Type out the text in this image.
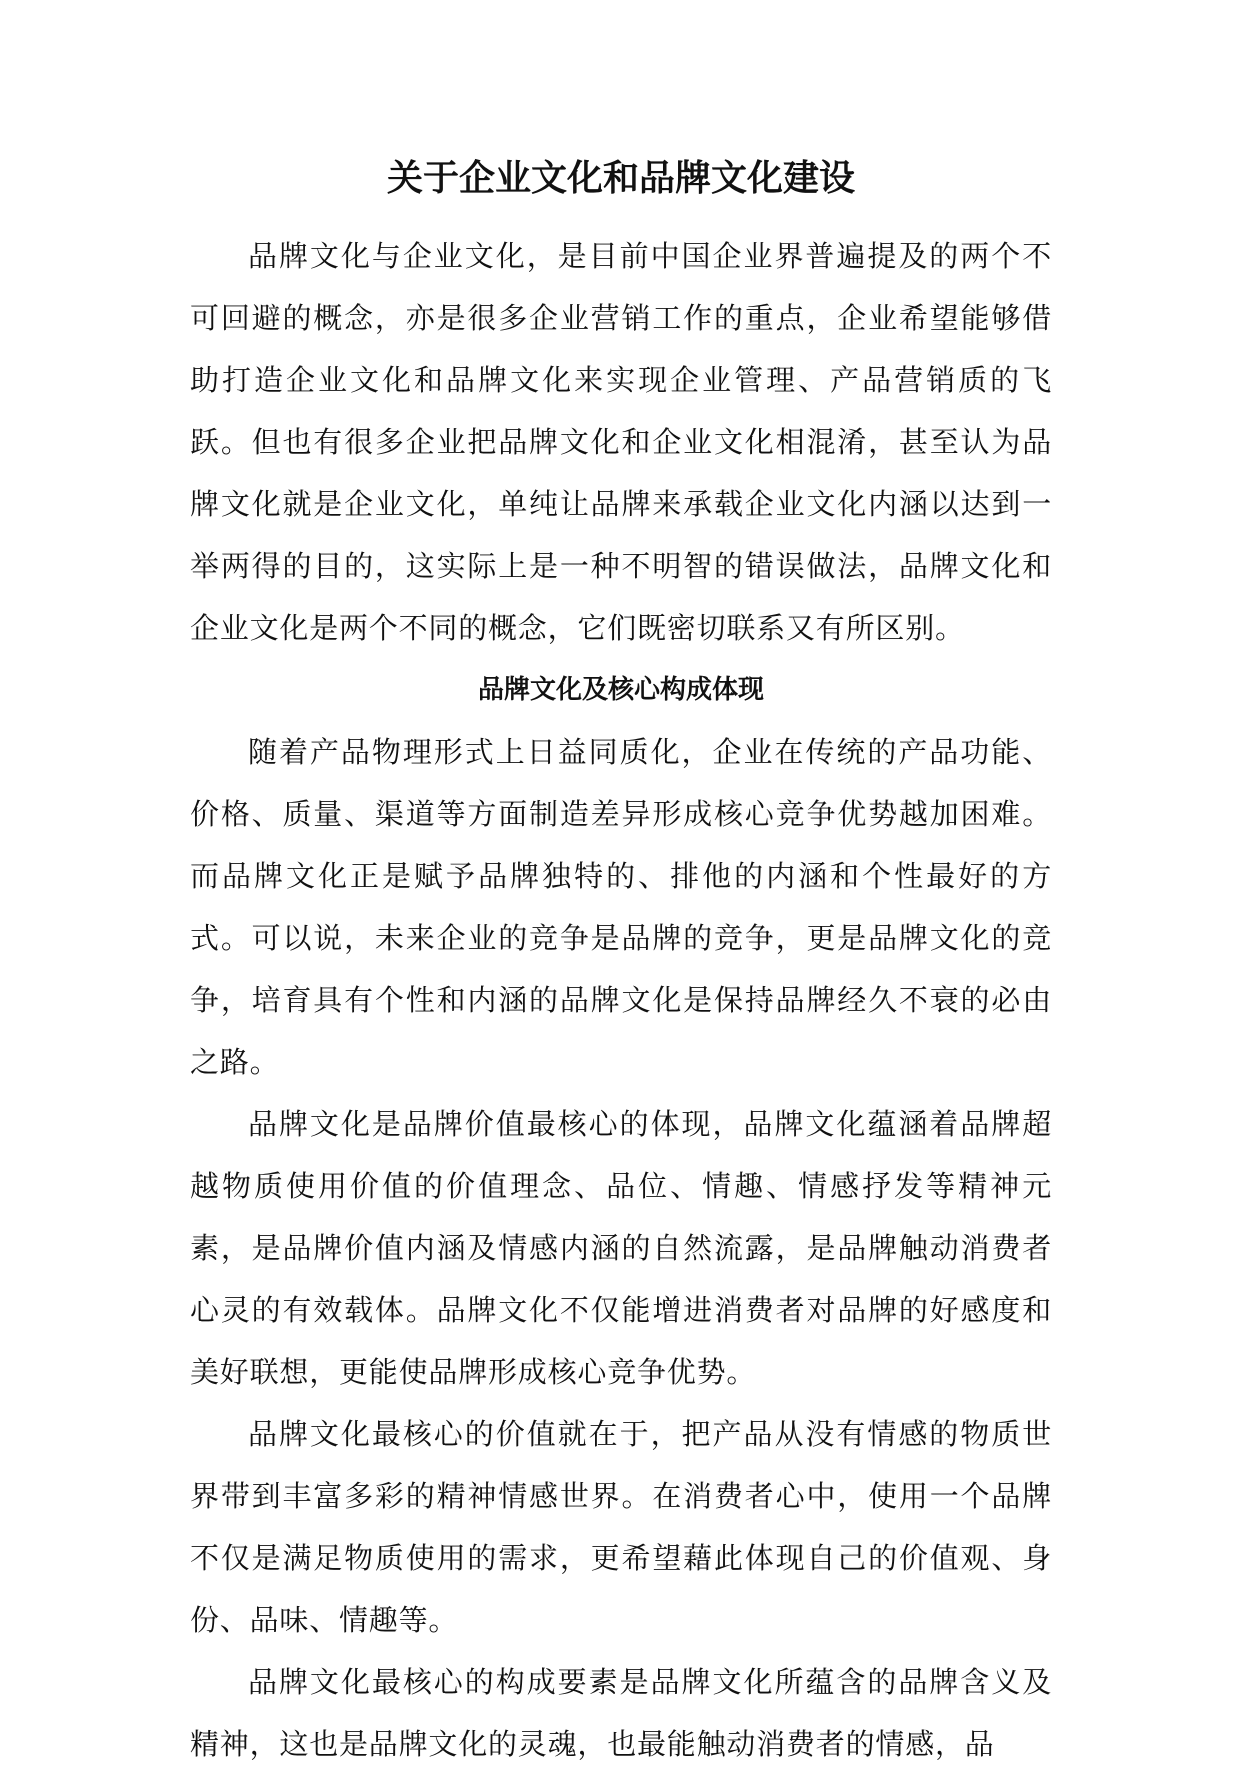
关于企业文化和品牌文化建设

品牌文化与企业文化，是目前中国企业界普遍提及的两个不可回避的概念，亦是很多企业营销工作的重点，企业希望能够借助打造企业文化和品牌文化来实现企业管理、产品营销质的飞跃。但也有很多企业把品牌文化和企业文化相混淆，甚至认为品牌文化就是企业文化，单纯让品牌来承载企业文化内涵以达到一举两得的目的，这实际上是一种不明智的错误做法，品牌文化和企业文化是两个不同的概念，它们既密切联系又有所区别。

品牌文化及核心构成体现

随着产品物理形式上日益同质化，企业在传统的产品功能、价格、质量、渠道等方面制造差异形成核心竞争优势越加困难。而品牌文化正是赋予品牌独特的、排他的内涵和个性最好的方式。可以说，未来企业的竞争是品牌的竞争，更是品牌文化的竞争，培育具有个性和内涵的品牌文化是保持品牌经久不衰的必由之路。

品牌文化是品牌价值最核心的体现，品牌文化蕴涵着品牌超越物质使用价值的价值理念、品位、情趣、情感抒发等精神元素，是品牌价值内涵及情感内涵的自然流露，是品牌触动消费者心灵的有效载体。品牌文化不仅能增进消费者对品牌的好感度和美好联想，更能使品牌形成核心竞争优势。

品牌文化最核心的价值就在于，把产品从没有情感的物质世界带到丰富多彩的精神情感世界。在消费者心中，使用一个品牌不仅是满足物质使用的需求，更希望藉此体现自己的价值观、身份、品味、情趣等。

品牌文化最核心的构成要素是品牌文化所蕴含的品牌含义及精神，这也是品牌文化的灵魂，也最能触动消费者的情感，品
